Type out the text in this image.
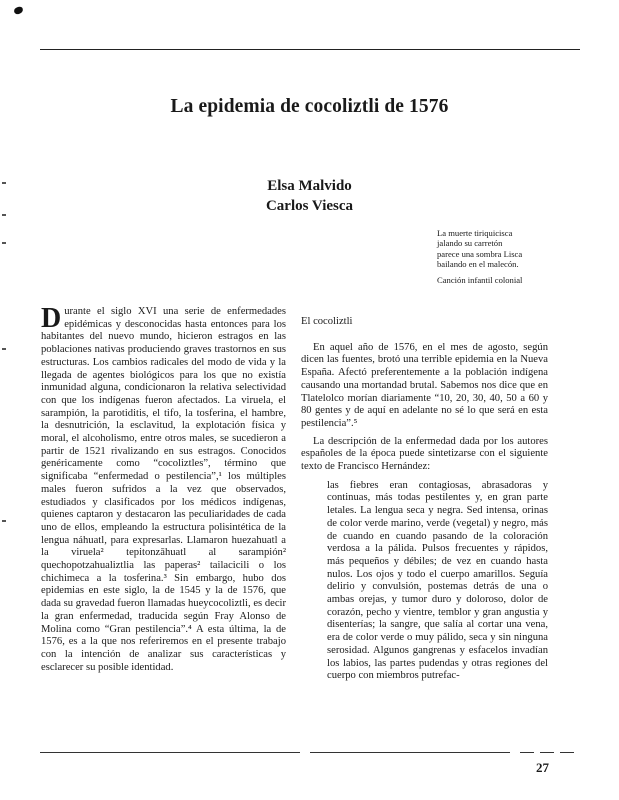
La epidemia de cocoliztli de 1576
Elsa Malvido
Carlos Viesca
La muerte tiriquicisca
jalando su carretón
parece una sombra Lisca
bailando en el malecón.
Canción infantil colonial

Durante el siglo XVI una serie de enfermedades epidémicas y desconocidas hasta entonces para los habitantes del nuevo mundo, hicieron estragos en las poblaciones nativas produciendo graves trastornos en sus estructuras. Los cambios radicales del modo de vida y la llegada de agentes biológicos para los que no existía inmunidad alguna, condicionaron la relativa selectividad con que los indígenas fueron afectados. La viruela, el sarampión, la parotiditis, el tifo, la tosferina, el hambre, la desnutrición, la esclavitud, la explotación física y moral, el alcoholismo, entre otros males, se sucedieron a partir de 1521 rivalizando en sus estragos. Conocidos genéricamente como “cocoliztles”, término que significaba “enfermedad o pestilencia”,¹ los múltiples males fueron sufridos a la vez que observados, estudiados y clasificados por los médicos indígenas, quienes captaron y destacaron las peculiaridades de cada uno de ellos, empleando la estructura polisintética de la lengua náhuatl, para expresarlas. Llamaron huezahuatl a la viruela² tepitonzāhuatl al sarampión² quechopotzahualiztlia las paperas² tailacicili o los chichimeca a la tosferina.³ Sin embargo, hubo dos epidemias en este siglo, la de 1545 y la de 1576, que dada su gravedad fueron llamadas hueycocoliztli, es decir la gran enfermedad, traducida según Fray Alonso de Molina como “Gran pestilencia”.⁴ A esta última, la de 1576, es a la que nos referiremos en el presente trabajo con la intención de analizar sus características y esclarecer su posible identidad.

El cocoliztli

En aquel año de 1576, en el mes de agosto, según dicen las fuentes, brotó una terrible epidemia en la Nueva España. Afectó preferentemente a la población indígena causando una mortandad brutal. Sabemos nos dice que en Tlatelolco morían diariamente “10, 20, 30, 40, 50 a 60 y 80 gentes y de aquí en adelante no sé lo que será en esta pestilencia”.⁵

La descripción de la enfermedad dada por los autores españoles de la época puede sintetizarse con el siguiente texto de Francisco Hernández:

las fiebres eran contagiosas, abrasadoras y continuas, más todas pestilentes y, en gran parte letales. La lengua seca y negra. Sed intensa, orinas de color verde marino, verde (vegetal) y negro, más de cuando en cuando pasando de la coloración verdosa a la pálida. Pulsos frecuentes y rápidos, más pequeños y débiles; de vez en cuando hasta nulos. Los ojos y todo el cuerpo amarillos. Seguía delirio y convulsión, postemas detrás de una o ambas orejas, y tumor duro y doloroso, dolor de corazón, pecho y vientre, temblor y gran angustia y disenterías; la sangre, que salía al cortar una vena, era de color verde o muy pálido, seca y sin ninguna serosidad. Algunos gangrenas y esfacelos invadían los labios, las partes pudendas y otras regiones del cuerpo con miembros putrefac-

27
